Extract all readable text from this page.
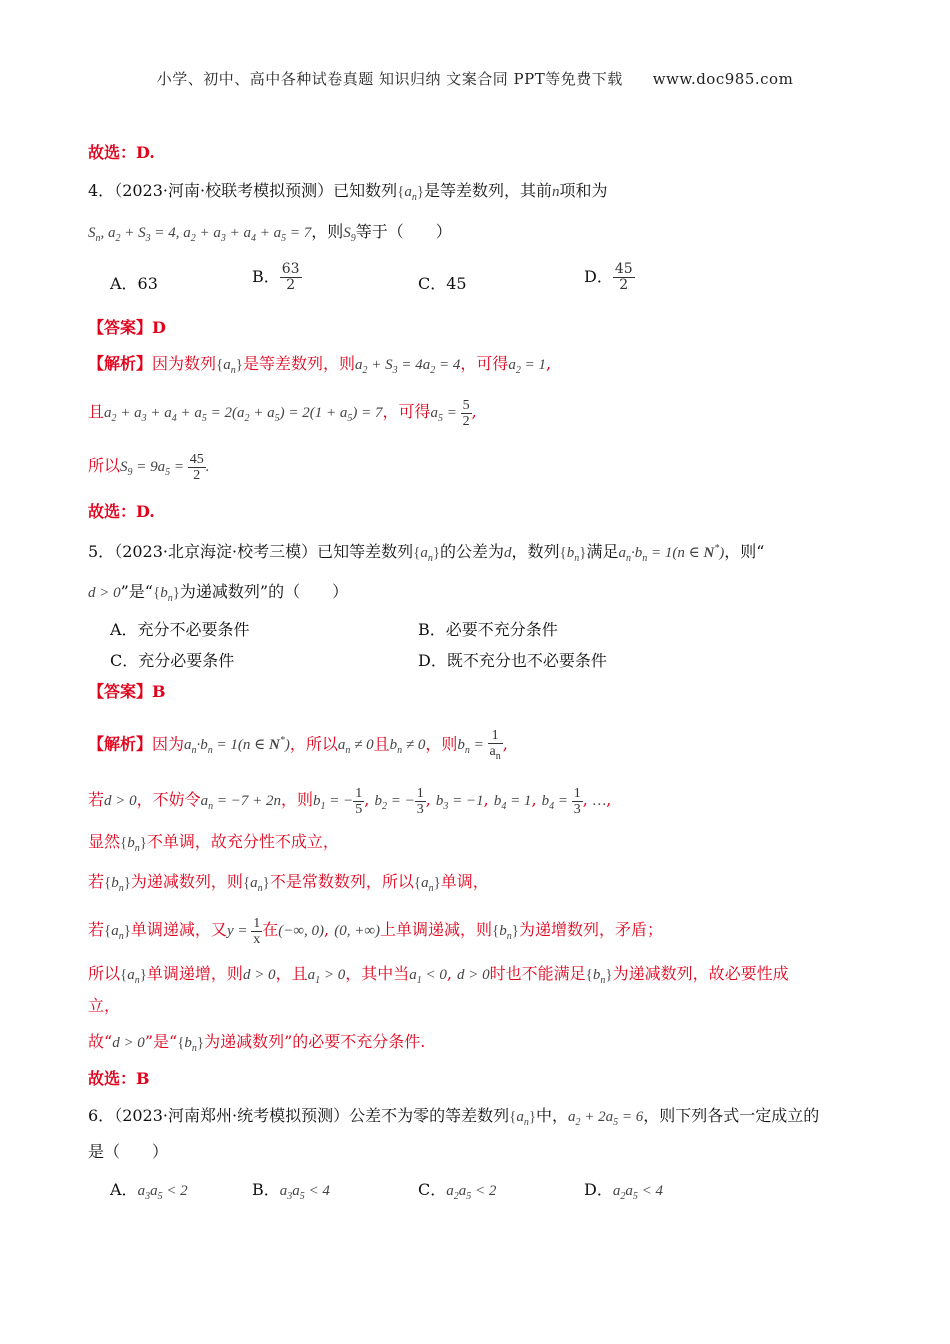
小学、初中、高中各种试卷真题 知识归纳 文案合同 PPT等免费下载 www.doc985.com
故选：D.
4．（2023·河南·校联考模拟预测）已知数列$\{a_n\}$是等差数列，其前n项和为
$S_n$, $a_2 + S_3 = 4$, $a_2 + a_3 + a_4 + a_5 = 7$，则$S_9$等于（　　）
A．63	B． $\frac{63}{2}$	C．45	D． $\frac{45}{2}$
【答案】D
【解析】因为数列$\{a_n\}$是等差数列，则$a_2 + S_3 = 4a_2 = 4$，可得$a_2 = 1$,
且$a_2 + a_3 + a_4 + a_5 = 2(a_2 + a_5) = 2(1 + a_5) = 7$，可得$a_5 = \frac{5}{2}$ ,
所以$S_9 = 9a_5 = \frac{45}{2}$ .
故选：D.
5．（2023·北京海淀·校考三模）已知等差数列$\{a_n\}$的公差为d，数列$\{b_n\}$满足$a_n\cdot b_n = 1(n$ ∈ N*)，则“
d > 0”是“$\{b_n\}$为递减数列”的（　　）
A．充分不必要条件	B．必要不充分条件
C．充分必要条件	D．既不充分也不必要条件
【答案】B
【解析】因为$a_n\cdot b_n = 1(n$ ∈ N*)，所以$a_n \ne 0$且$b_n \ne 0$，则$b_n = \frac{1}{a_n}$ ,
若d > 0，不妨令$a_n = -7 + 2n$，则$b_1$ = − $\frac{1}{5}$ , $b_2$ = − $\frac{1}{3}$ , $b_3 = -1$, $b_4 = 1$, $b_4 = \frac{1}{3}$ , …,
显然$\{b_n\}$不单调，故充分性不成立，
若$\{b_n\}$为递减数列，则$\{a_n\}$不是常数数列，所以$\{a_n\}$单调，
若$\{a_n\}$单调递减，又$y = \frac{1}{x}$ 在(−∞, 0), (0, +∞)上单调递减，则$\{b_n\}$为递增数列，矛盾；
所以$\{a_n\}$单调递增，则d > 0，且$a_1 > 0$，其中当$a_1 < 0$, d > 0时也不能满足$\{b_n\}$为递减数列，故必要性成
立，
故“d > 0”是“$\{b_n\}$为递减数列”的必要不充分条件.
故选：B
6．（2023·河南郑州·统考模拟预测）公差不为零的等差数列$\{a_n\}$中，$a_2 + 2a_5 = 6$，则下列各式一定成立的
是（　　）
A．$a_3a_5 < 2$	B．$a_3a_5 < 4$	C．$a_2a_5 < 2$	D．$a_2a_5 < 4$
